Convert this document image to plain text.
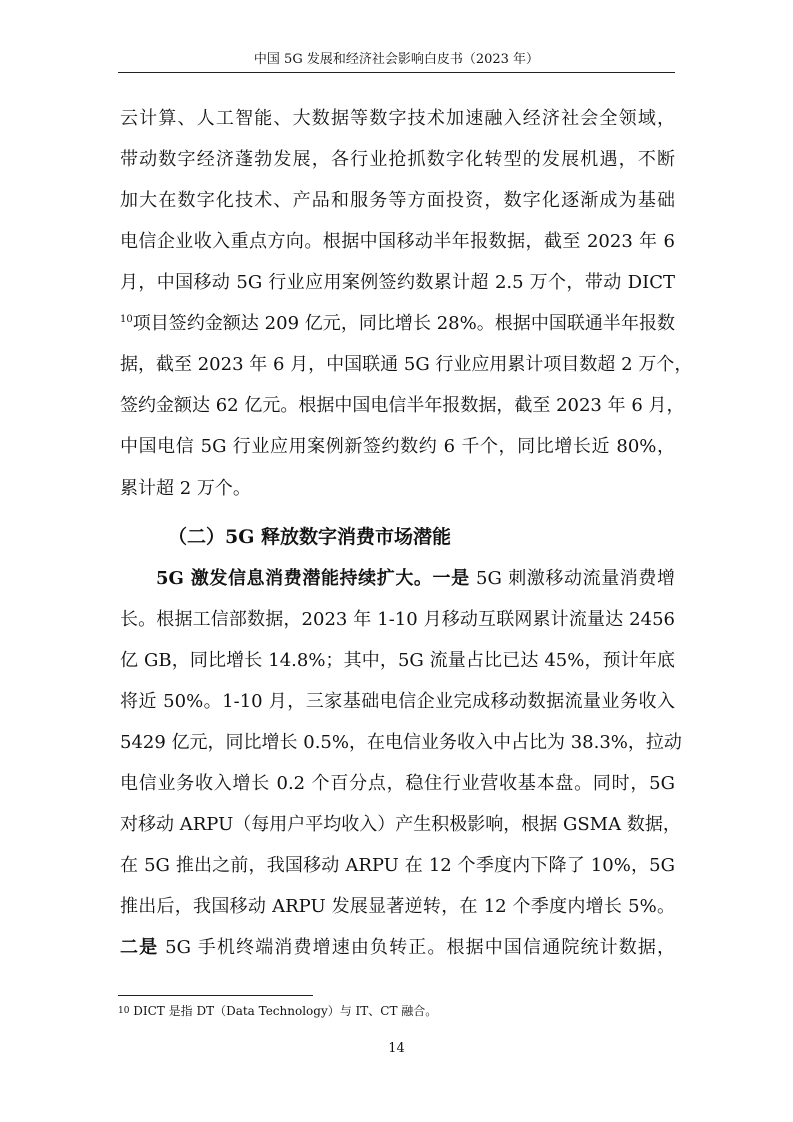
中国 5G 发展和经济社会影响白皮书（2023 年）
云计算、人工智能、大数据等数字技术加速融入经济社会全领域，
带动数字经济蓬勃发展，各行业抢抓数字化转型的发展机遇，不断
加大在数字化技术、产品和服务等方面投资，数字化逐渐成为基础
电信企业收入重点方向。根据中国移动半年报数据，截至 2023 年 6
月，中国移动 5G 行业应用案例签约数累计超 2.5 万个，带动 DICT
$^{10}$项目签约金额达 209 亿元，同比增长 28%。根据中国联通半年报数
据，截至 2023 年 6 月，中国联通 5G 行业应用累计项目数超 2 万个，
签约金额达 62 亿元。根据中国电信半年报数据，截至 2023 年 6 月，
中国电信 5G 行业应用案例新签约数约 6 千个，同比增长近 80%，
累计超 2 万个。
（二）5G 释放数字消费市场潜能
5G 激发信息消费潜能持续扩大。一是 5G 刺激移动流量消费增
长。根据工信部数据，2023 年 1-10 月移动互联网累计流量达 2456
亿 GB，同比增长 14.8%；其中，5G 流量占比已达 45%，预计年底
将近 50%。1-10 月，三家基础电信企业完成移动数据流量业务收入
5429 亿元，同比增长 0.5%，在电信业务收入中占比为 38.3%，拉动
电信业务收入增长 0.2 个百分点，稳住行业营收基本盘。同时，5G
对移动 ARPU（每用户平均收入）产生积极影响，根据 GSMA 数据，
在 5G 推出之前，我国移动 ARPU 在 12 个季度内下降了 10%，5G
推出后，我国移动 ARPU 发展显著逆转，在 12 个季度内增长 5%。
二是 5G 手机终端消费增速由负转正。根据中国信通院统计数据，
$^{10}$ DICT 是指 DT（Data Technology）与 IT、CT 融合。
14
